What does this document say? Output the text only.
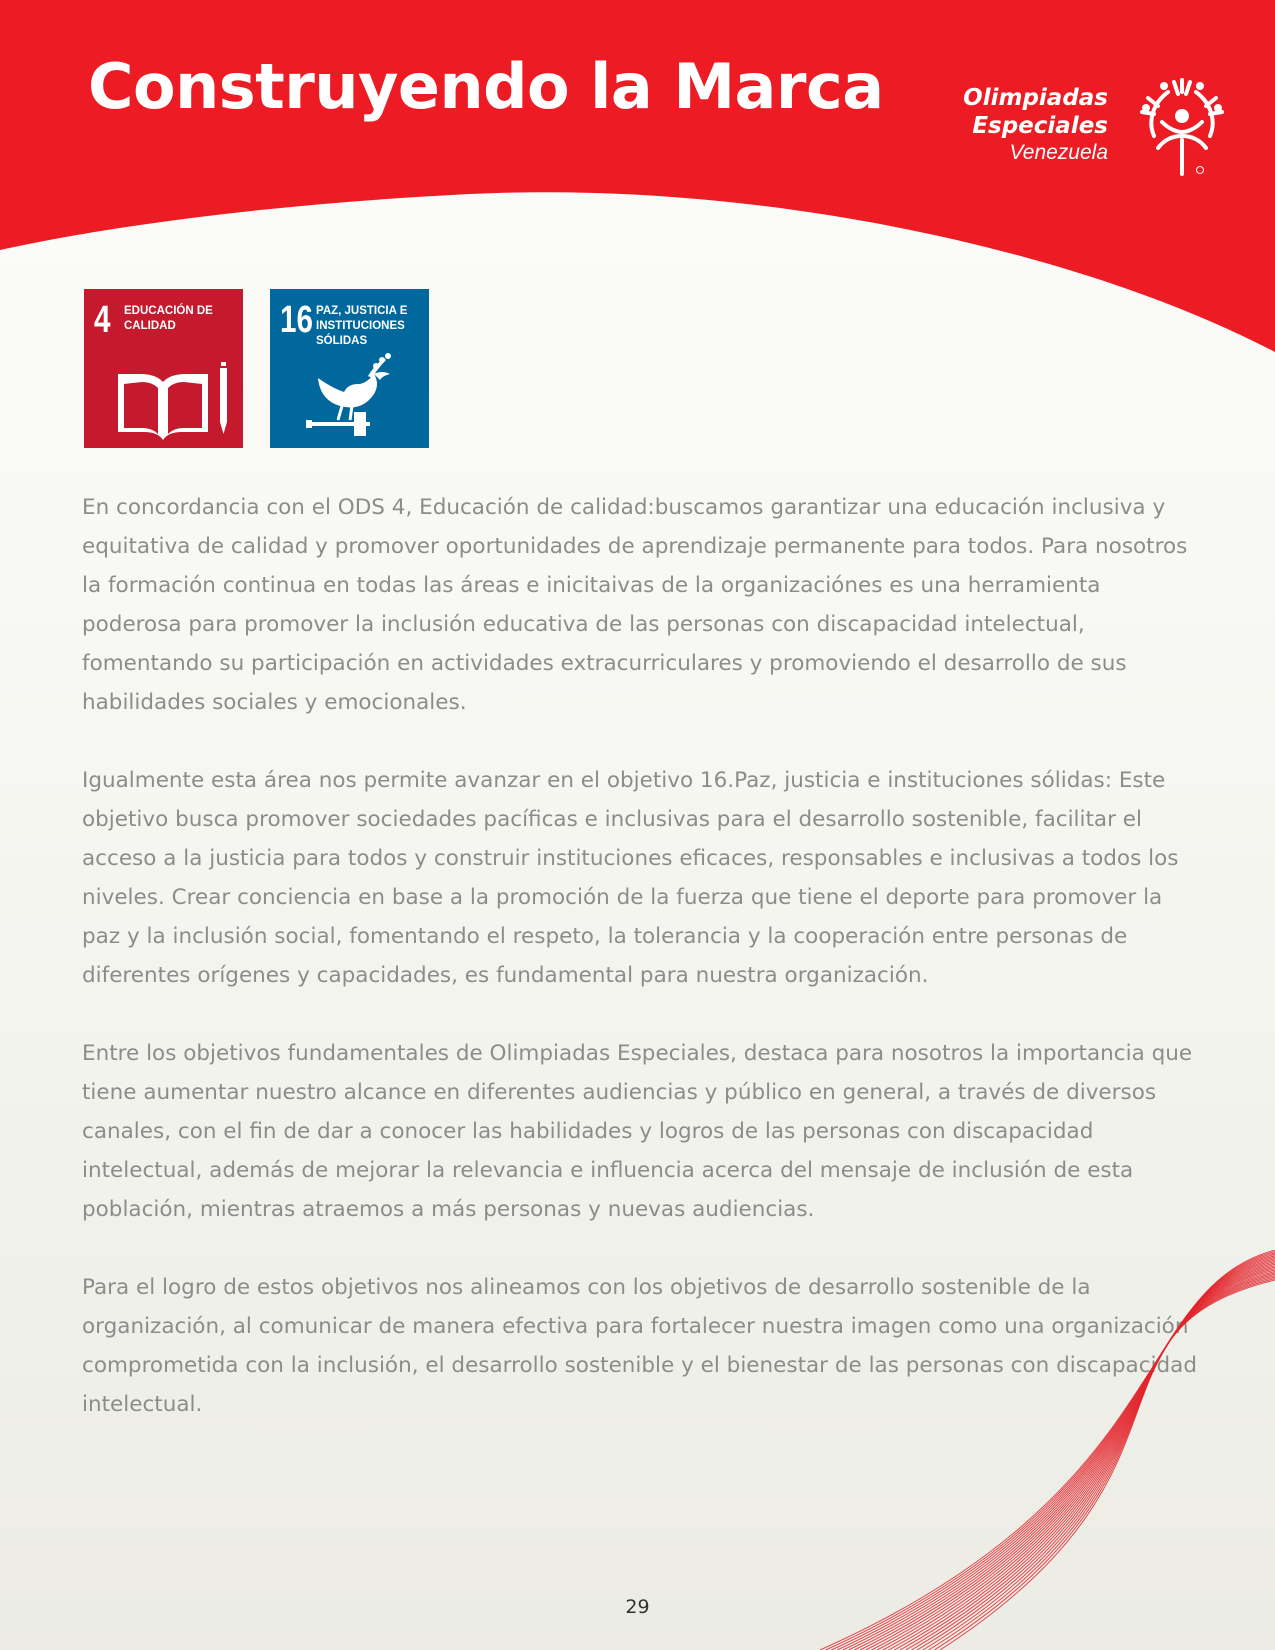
Construyendo la Marca	Olimpiadas
Especiales
Venezuela
4 EDUCACIÓN DE CALIDAD	16 PAZ, JUSTICIA E INSTITUCIONES SÓLIDAS

En concordancia con el ODS 4, Educación de calidad:buscamos garantizar una educación inclusiva y equitativa de calidad y promover oportunidades de aprendizaje permanente para todos. Para nosotros la formación continua en todas las áreas e inicitaivas de la organizaciónes es una herramienta poderosa para promover la inclusión educativa de las personas con discapacidad intelectual, fomentando su participación en actividades extracurriculares y promoviendo el desarrollo de sus habilidades sociales y emocionales.

Igualmente esta área nos permite avanzar en el objetivo 16.Paz, justicia e instituciones sólidas: Este objetivo busca promover sociedades pacíficas e inclusivas para el desarrollo sostenible, facilitar el acceso a la justicia para todos y construir instituciones eficaces, responsables e inclusivas a todos los niveles. Crear conciencia en base a la promoción de la fuerza que tiene el deporte para promover la paz y la inclusión social, fomentando el respeto, la tolerancia y la cooperación entre personas de diferentes orígenes y capacidades, es fundamental para nuestra organización.

Entre los objetivos fundamentales de Olimpiadas Especiales, destaca para nosotros la importancia que tiene aumentar nuestro alcance en diferentes audiencias y público en general, a través de diversos canales, con el fin de dar a conocer las habilidades y logros de las personas con discapacidad intelectual, además de mejorar la relevancia e influencia acerca del mensaje de inclusión de esta población, mientras atraemos a más personas y nuevas audiencias.

Para el logro de estos objetivos nos alineamos con los objetivos de desarrollo sostenible de la organización, al comunicar de manera efectiva para fortalecer nuestra imagen como una organización comprometida con la inclusión, el desarrollo sostenible y el bienestar de las personas con discapacidad intelectual.

29
